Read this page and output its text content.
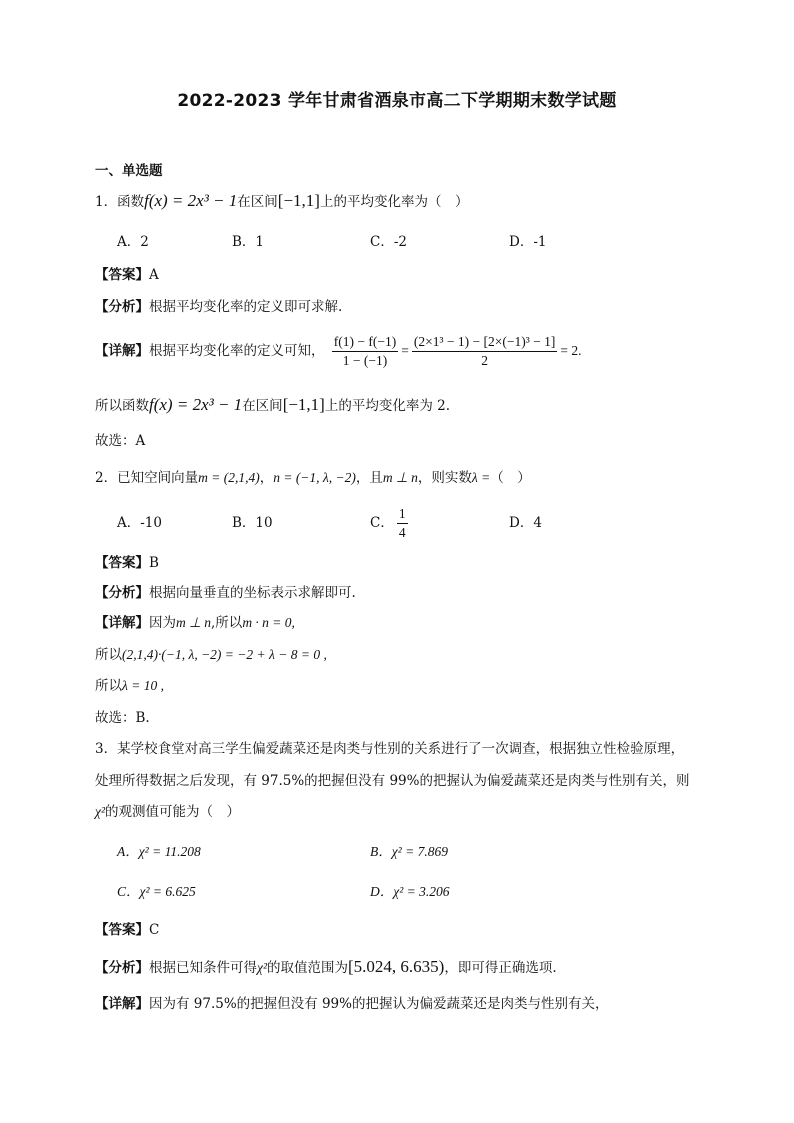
2022-2023 学年甘肃省酒泉市高二下学期期末数学试题
一、单选题
1．函数f(x) = 2x³ − 1在区间[−1,1]上的平均变化率为（　）
A．2	B．1	C．-2	D．-1
【答案】A
【分析】根据平均变化率的定义即可求解.
【详解】根据平均变化率的定义可知， $\frac{f(1) - f(-1)}{1 - (-1)} = \frac{\text{(2×1³ − 1) − [2×(−1)³ − 1]}}{2} = 2$.
所以函数f(x) = 2x³ − 1在区间[−1,1]上的平均变化率为 2.
故选：A
2．已知空间向量m = (2,1,4)，n = (−1, λ, −2)，且m ⊥ n，则实数λ =（　）
A．-10	B．10	C． $\frac{1}{4}$	D．4
【答案】B
【分析】根据向量垂直的坐标表示求解即可.
【详解】因为m ⊥ n,所以m · n = 0,
所以(2,1,4)·(−1, λ, −2) = −2 + λ − 8 = 0 ,
所以λ = 10 ,
故选：B.
3．某学校食堂对高三学生偏爱蔬菜还是肉类与性别的关系进行了一次调查，根据独立性检验原理，
处理所得数据之后发现，有 97.5%的把握但没有 99%的把握认为偏爱蔬菜还是肉类与性别有关，则
χ²的观测值可能为（　）
A．χ² = 11.208	B．χ² = 7.869
C．χ² = 6.625	D．χ² = 3.206
【答案】C
【分析】根据已知条件可得χ²的取值范围为[5.024, 6.635)，即可得正确选项.
【详解】因为有 97.5%的把握但没有 99%的把握认为偏爱蔬菜还是肉类与性别有关，
